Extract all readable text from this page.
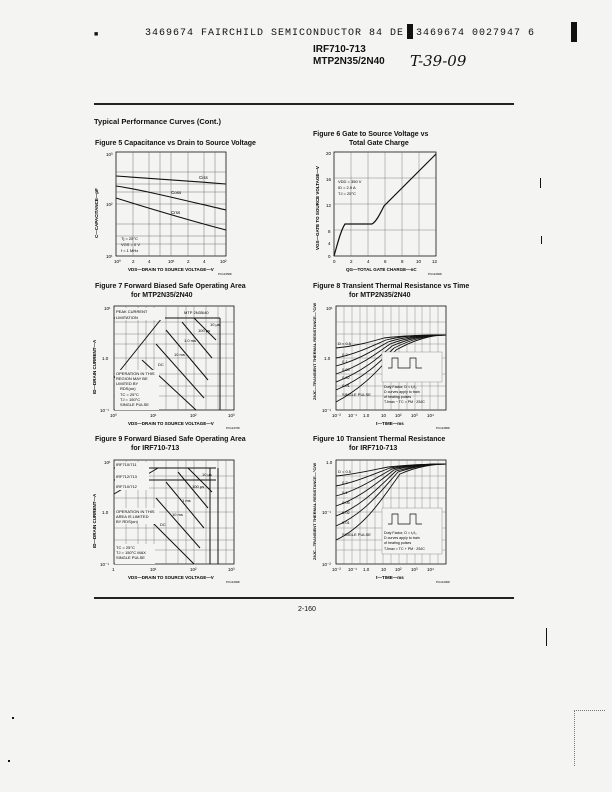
■	3469674 FAIRCHILD SEMICONDUCTOR 84 DE 3469674 0027947 6
IRF710-713
MTP2N35/2N40 T-39-09
Typical Performance Curves (Cont.)
Figure 5 Capacitance vs Drain to Source Voltage
Figure 6 Gate to Source Voltage vs
Total Gate Charge
Figure 7 Forward Biased Safe Operating Area
for MTP2N35/2N40
Figure 8 Transient Thermal Resistance vs Time
for MTP2N35/2N40
Figure 9 Forward Biased Safe Operating Area
for IRF710-713
Figure 10 Transient Thermal Resistance
for IRF710-713
Ciss
Coss
Crss
Tj = 25°C
VGS = 0 V
f = 1 MHz
10³
10²
10¹
10⁰ 2	4	10¹	2	4	10²
VDS—DRAIN TO SOURCE VOLTAGE—V
C—CAPACITANCE—pF
PC11350F
VDD = 350 V
ID = 2.0 A
TJ = 25°C
20
16
12
8
4
0
0	2	4	6	8	10 12
QG—TOTAL GATE CHARGE—nC
VGS—GATE TO SOURCE VOLTAGE—V
PC11360F
PEAK CURRENT
LIMITATION
MTP 2N35/40
10 μs
100 μs
1.0 ms
10 ms
DC
OPERATION IN THIS
REGION MAY BE
LIMITED BY
RDS(on)
TC = 25°C
TJ = 150°C
SINGLE PULSE
10¹
1.0
10⁻¹
10⁰	10¹	10²	10³
VDS—DRAIN TO SOURCE VOLTAGE—V
ID—DRAIN CURRENT—A
PC11370F
D = 0.5
0.2
0.1
0.05
0.02
0.01
SINGLE PULSE
Duty Factor, D = t₁/t₂
D curves apply to train
of heating pulses
TJmax − TC = PM · ZθJC
10¹
1.0
10⁻¹
10⁻² 10⁻¹ 1.0	10 10² 10³ 10⁴
t—TIME—ms
ZθJC—TRANSIENT THERMAL RESISTANCE—°C/W
PC11380F
IRF710/711
IRF712/713
IRF710/712
10 μs
100 μs
1 ms
10 ms
DC
OPERATION IN THIS
AREA IS LIMITED
BY RDS(on)
TC = 25°C
TJ = 150°C MAX
SINGLE PULSE
10¹
1.0
10⁻¹
1	10¹	10²	10³
VDS—DRAIN TO SOURCE VOLTAGE—V
ID—DRAIN CURRENT—A
PC11390F
D = 0.5
0.2
0.1
0.05
0.02
0.01
SINGLE PULSE	Duty Factor, D = t₁/t₂
D curves apply to train
of heating pulses
TJmax = TC + PM · ZθJC
1.0
10⁻¹
10⁻²
10⁻² 10⁻¹ 1.0	10 10² 10³ 10⁴
t—TIME—ms
ZθJC—TRANSIENT THERMAL RESISTANCE—°C/W
PC11400F
2-160
